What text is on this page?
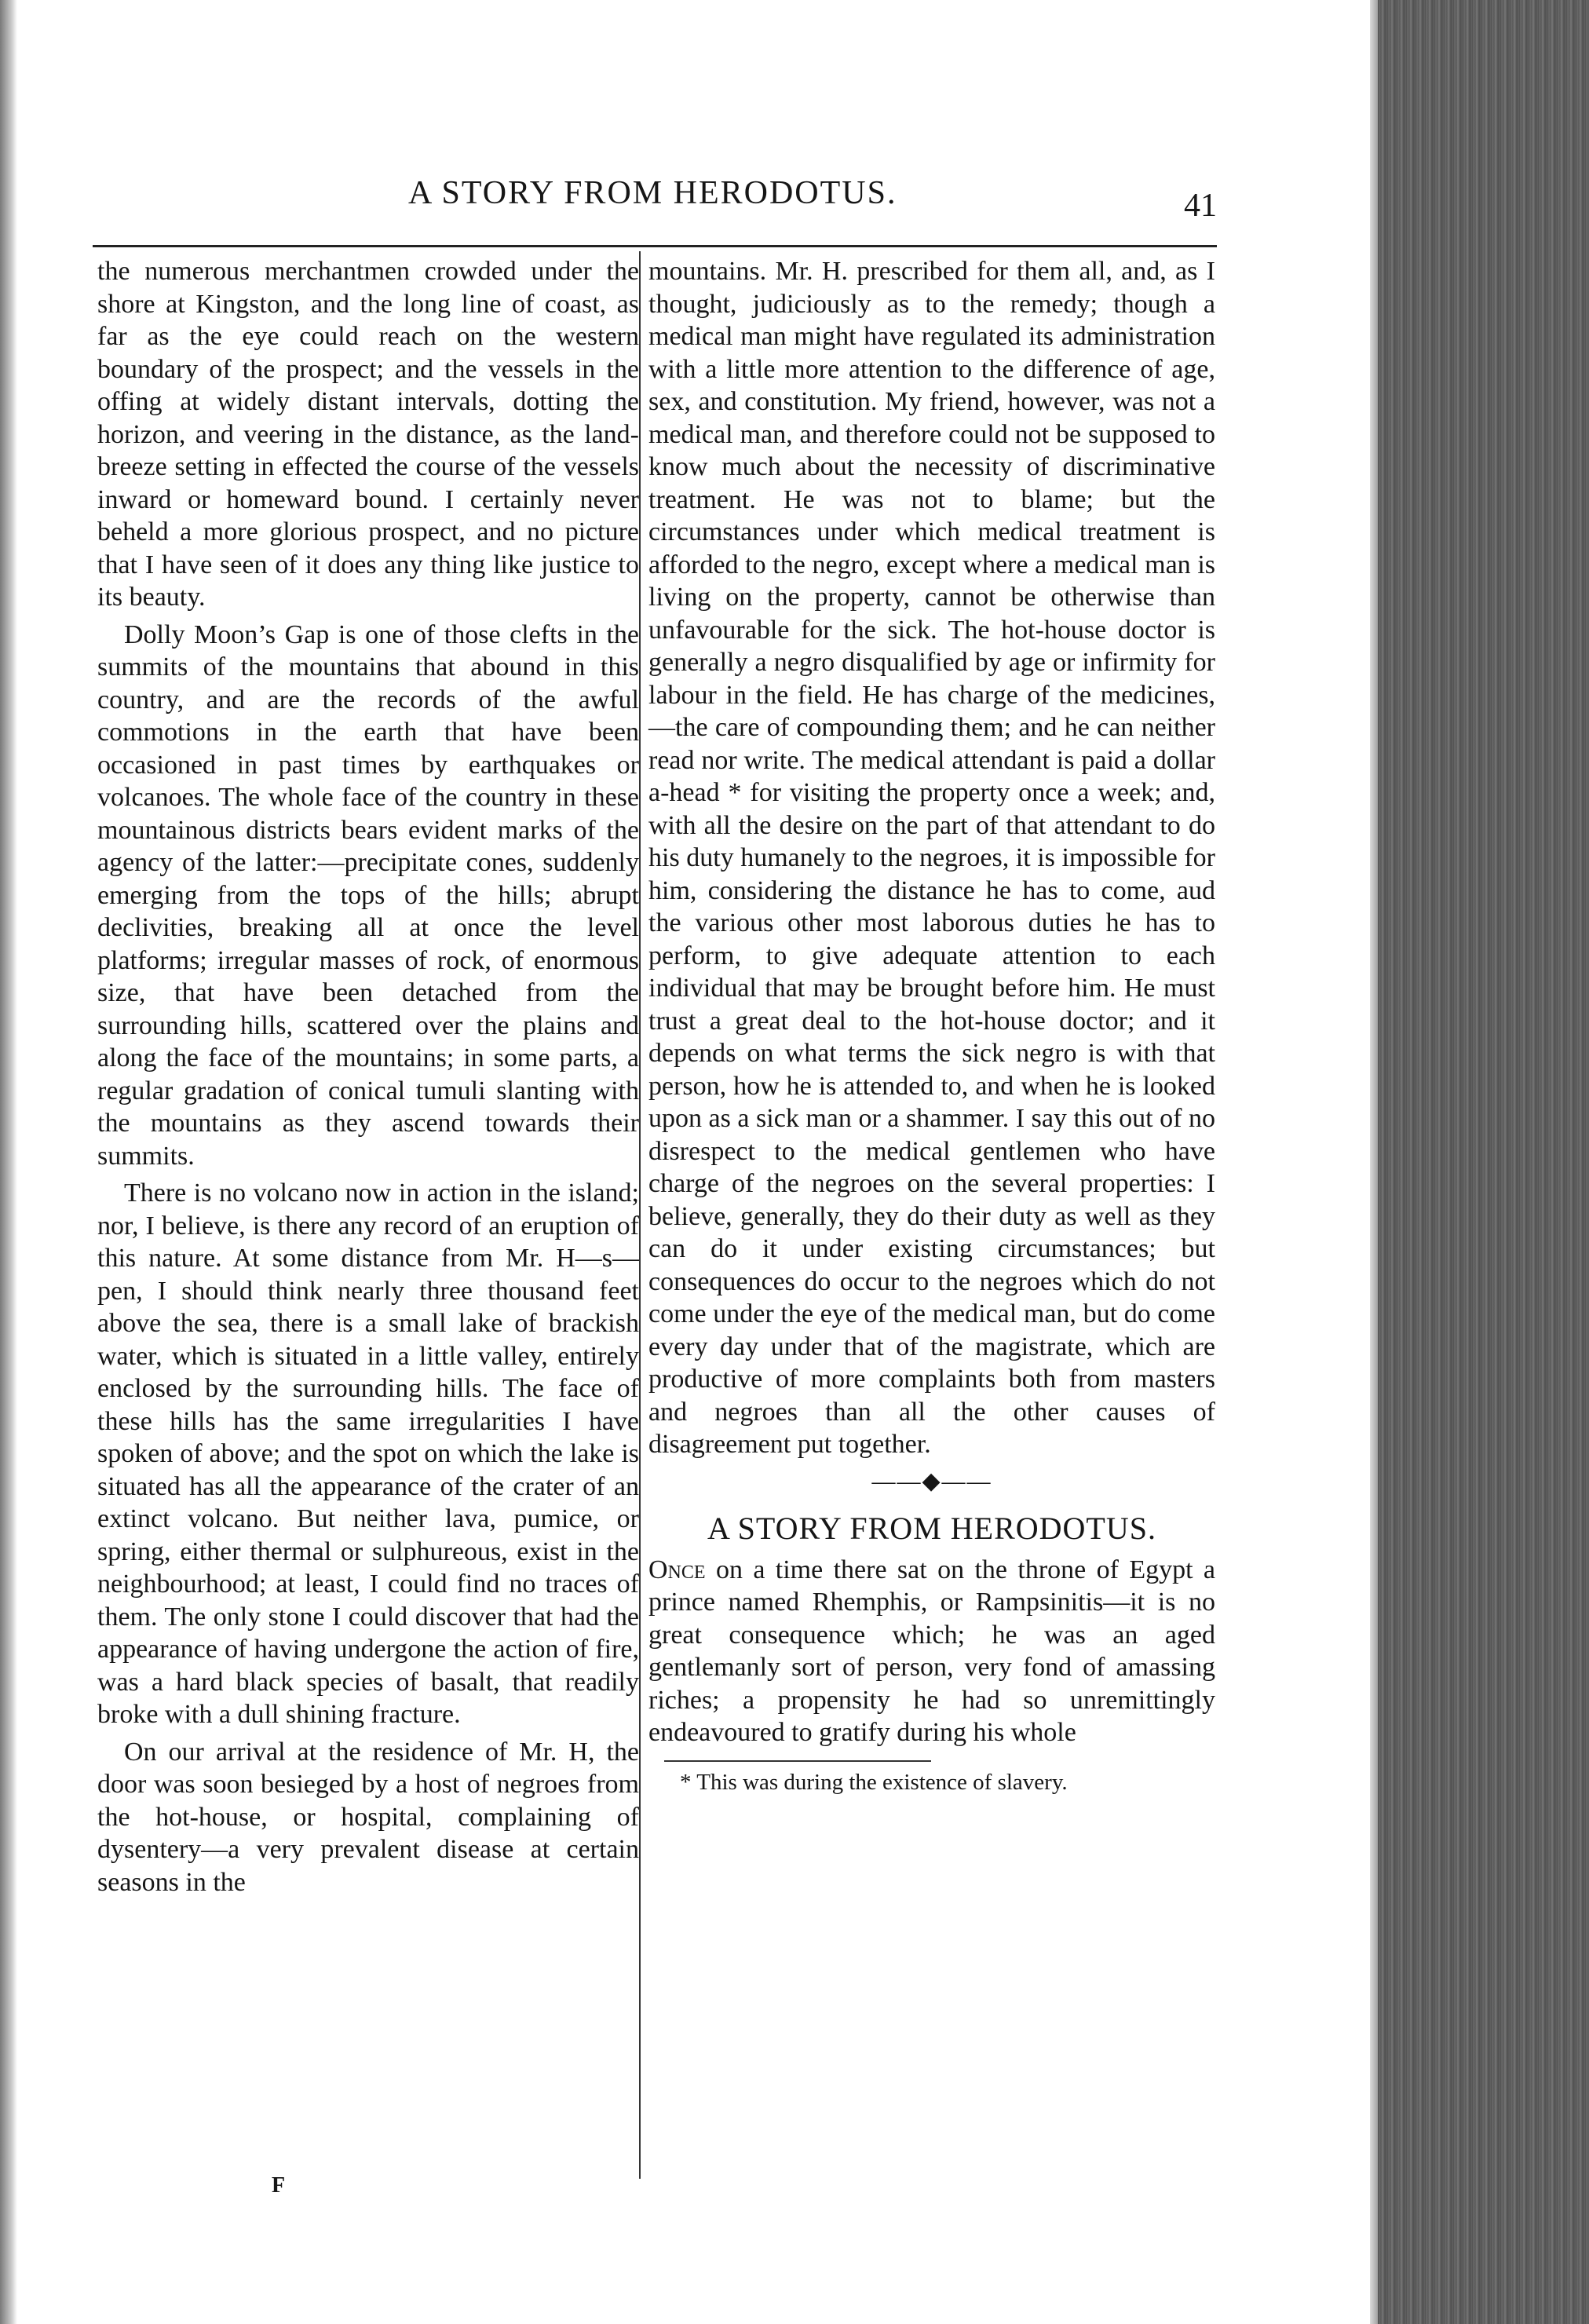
A STORY FROM HERODOTUS.	41

the numerous merchantmen crowded under the shore at Kingston, and the long line of coast, as far as the eye could reach on the western boundary of the prospect; and the vessels in the offing at widely distant intervals, dotting the horizon, and veering in the distance, as the land-breeze setting in effected the course of the vessels inward or homeward bound. I certainly never beheld a more glorious prospect, and no picture that I have seen of it does any thing like justice to its beauty.

Dolly Moon’s Gap is one of those clefts in the summits of the mountains that abound in this country, and are the records of the awful commotions in the earth that have been occasioned in past times by earthquakes or volcanoes. The whole face of the country in these mountainous districts bears evident marks of the agency of the latter:—precipitate cones, suddenly emerging from the tops of the hills; abrupt declivities, breaking all at once the level platforms; irregular masses of rock, of enormous size, that have been detached from the surrounding hills, scattered over the plains and along the face of the mountains; in some parts, a regular gradation of conical tumuli slanting with the mountains as they ascend towards their summits.

There is no volcano now in action in the island; nor, I believe, is there any record of an eruption of this nature. At some distance from Mr. H—s—pen, I should think nearly three thousand feet above the sea, there is a small lake of brackish water, which is situated in a little valley, entirely enclosed by the surrounding hills. The face of these hills has the same irregularities I have spoken of above; and the spot on which the lake is situated has all the appearance of the crater of an extinct volcano. But neither lava, pumice, or spring, either thermal or sulphureous, exist in the neighbourhood; at least, I could find no traces of them. The only stone I could discover that had the appearance of having undergone the action of fire, was a hard black species of basalt, that readily broke with a dull shining fracture.

On our arrival at the residence of Mr. H, the door was soon besieged by a host of negroes from the hot-house, or hospital, complaining of dysentery—a very prevalent disease at certain seasons in the

mountains. Mr. H. prescribed for them all, and, as I thought, judiciously as to the remedy; though a medical man might have regulated its administration with a little more attention to the difference of age, sex, and constitution. My friend, however, was not a medical man, and therefore could not be supposed to know much about the necessity of discriminative treatment. He was not to blame; but the circumstances under which medical treatment is afforded to the negro, except where a medical man is living on the property, cannot be otherwise than unfavourable for the sick. The hot-house doctor is generally a negro disqualified by age or infirmity for labour in the field. He has charge of the medicines,—the care of compounding them; and he can neither read nor write. The medical attendant is paid a dollar a-head * for visiting the property once a week; and, with all the desire on the part of that attendant to do his duty humanely to the negroes, it is impossible for him, considering the distance he has to come, aud the various other most laborous duties he has to perform, to give adequate attention to each individual that may be brought before him. He must trust a great deal to the hot-house doctor; and it depends on what terms the sick negro is with that person, how he is attended to, and when he is looked upon as a sick man or a shammer. I say this out of no disrespect to the medical gentlemen who have charge of the negroes on the several properties: I believe, generally, they do their duty as well as they can do it under existing circumstances; but consequences do occur to the negroes which do not come under the eye of the medical man, but do come every day under that of the magistrate, which are productive of more complaints both from masters and negroes than all the other causes of disagreement put together.

——◆——
A STORY FROM HERODOTUS.

Once on a time there sat on the throne of Egypt a prince named Rhemphis, or Rampsinitis—it is no great consequence which; he was an aged gentlemanly sort of person, very fond of amassing riches; a propensity he had so unremittingly endeavoured to gratify during his whole

* This was during the existence of slavery.
F
